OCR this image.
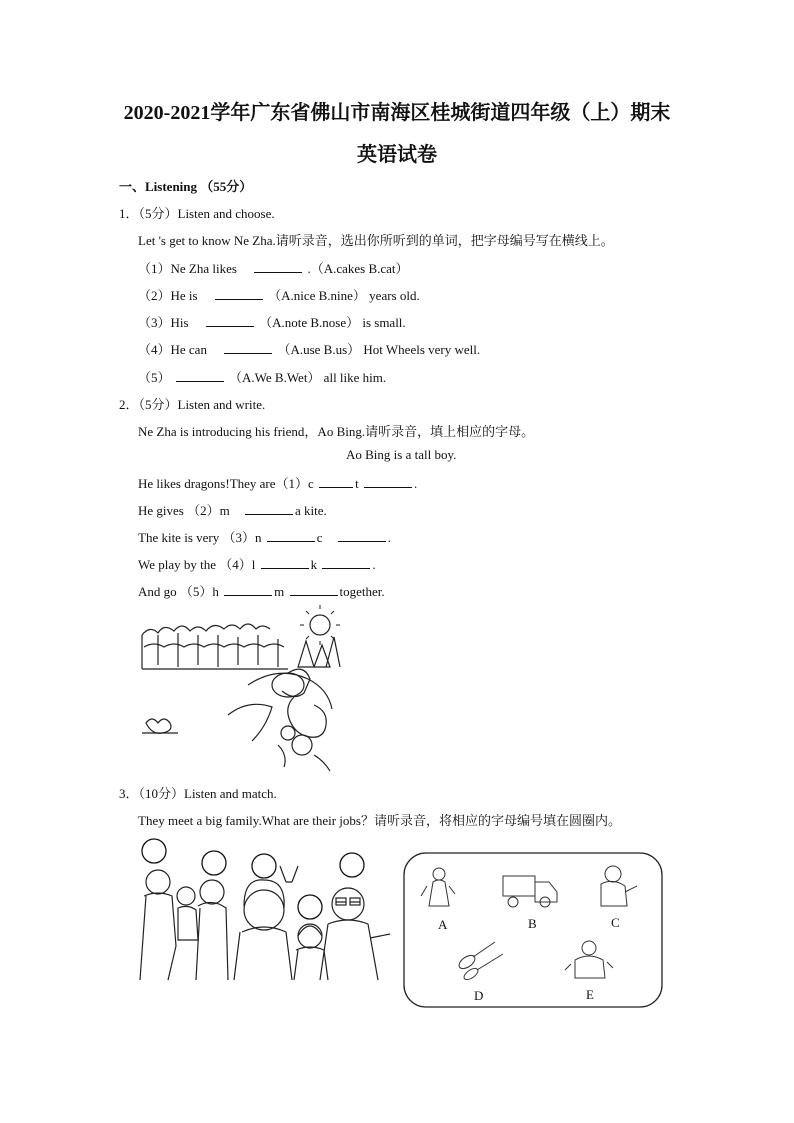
2020-2021学年广东省佛山市南海区桂城街道四年级（上）期末
英语试卷
一、Listening （55分）
1．（5分）Listen and choose.
Let 's get to know Ne Zha.请听录音，选出你所听到的单词，把字母编号写在横线上。
（1）Ne Zha likes	.（A.cakes B.cat）
（2）He is	（A.nice B.nine） years old.
（3）His	（A.note B.nose） is small.
（4）He can	（A.use B.us） Hot Wheels very well.
（5）	（A.We B.Wet） all like him.
2．（5分）Listen and write.
Ne Zha is introducing his friend，Ao Bing.请听录音，填上相应的字母。
Ao Bing is a tall boy.
He likes dragons!They are（1）c	t	.
He gives （2）m	a kite.
The kite is very （3）n	c	.
We play by the （4）l	k	.
And go （5）h	m	together.
3．（10分）Listen and match.
They meet a big family.What are their jobs？请听录音，将相应的字母编号填在圆圈内。
A	B	C
D	E
